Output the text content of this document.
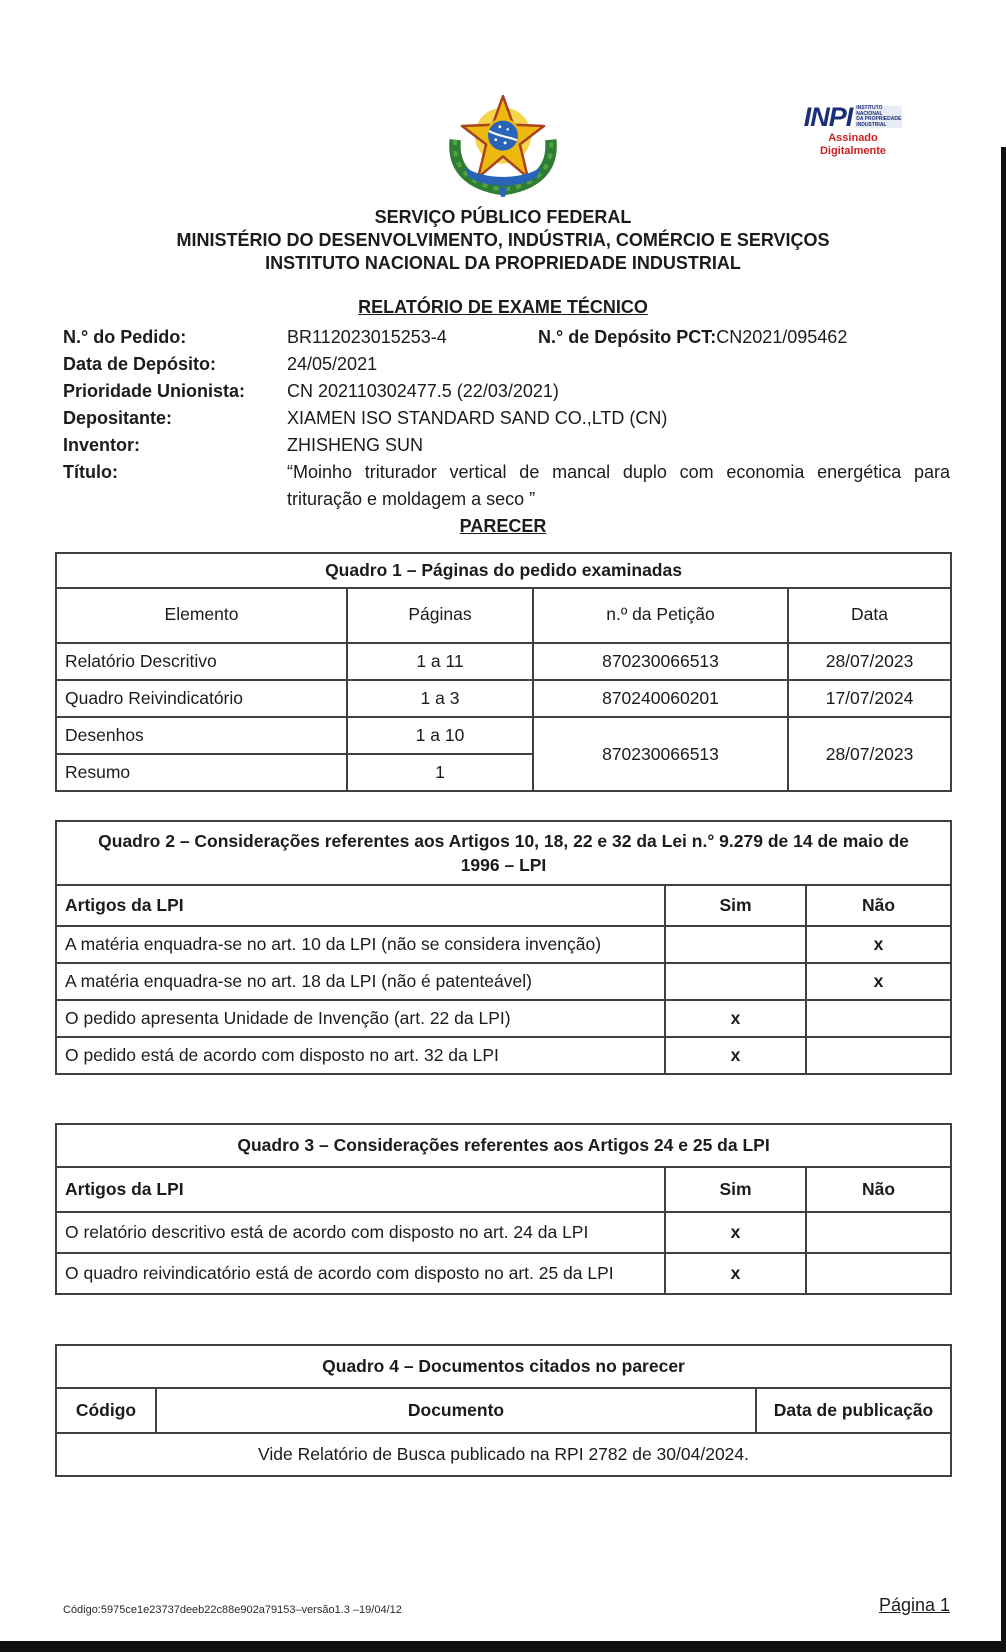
INPI INSTITUTO
NACIONAL
DA PROPRIEDADE
INDUSTRIAL
Assinado
Digitalmente
SERVIÇO PÚBLICO FEDERAL
MINISTÉRIO DO DESENVOLVIMENTO, INDÚSTRIA, COMÉRCIO E SERVIÇOS
INSTITUTO NACIONAL DA PROPRIEDADE INDUSTRIAL
RELATÓRIO DE EXAME TÉCNICO
N.° do Pedido:	BR112023015253-4	N.° de Depósito PCT:CN2021/095462
Data de Depósito:	24/05/2021
Prioridade Unionista:	CN 202110302477.5 (22/03/2021)
Depositante:	XIAMEN ISO STANDARD SAND CO.,LTD (CN)
Inventor:	ZHISHENG SUN
Título:	“Moinho triturador vertical de mancal duplo com economia energética para trituração e moldagem a seco ”
PARECER
Quadro 1 – Páginas do pedido examinadas			
Elemento	Páginas	n.º da Petição	Data
Relatório Descritivo	1 a 11	870230066513	28/07/2023
Quadro Reivindicatório	1 a 3	870240060201	17/07/2024
Desenhos	1 a 10	870230066513	28/07/2023
Resumo	1		
Quadro 2 – Considerações referentes aos Artigos 10, 18, 22 e 32 da Lei n.° 9.279 de 14 de maio de 1996 – LPI		
Artigos da LPI	Sim	Não
A matéria enquadra-se no art. 10 da LPI (não se considera invenção)		x
A matéria enquadra-se no art. 18 da LPI (não é patenteável)		x
O pedido apresenta Unidade de Invenção (art. 22 da LPI)	x	
O pedido está de acordo com disposto no art. 32 da LPI	x	
Quadro 3 – Considerações referentes aos Artigos 24 e 25 da LPI		
Artigos da LPI	Sim	Não
O relatório descritivo está de acordo com disposto no art. 24 da LPI	x	
O quadro reivindicatório está de acordo com disposto no art. 25 da LPI	x	
Quadro 4 – Documentos citados no parecer
Código	Documento	Data de publicação
Vide Relatório de Busca publicado na RPI 2782 de 30/04/2024.
Código:5975ce1e23737deeb22c88e902a79153–versão1.3 –19/04/12	Página 1
